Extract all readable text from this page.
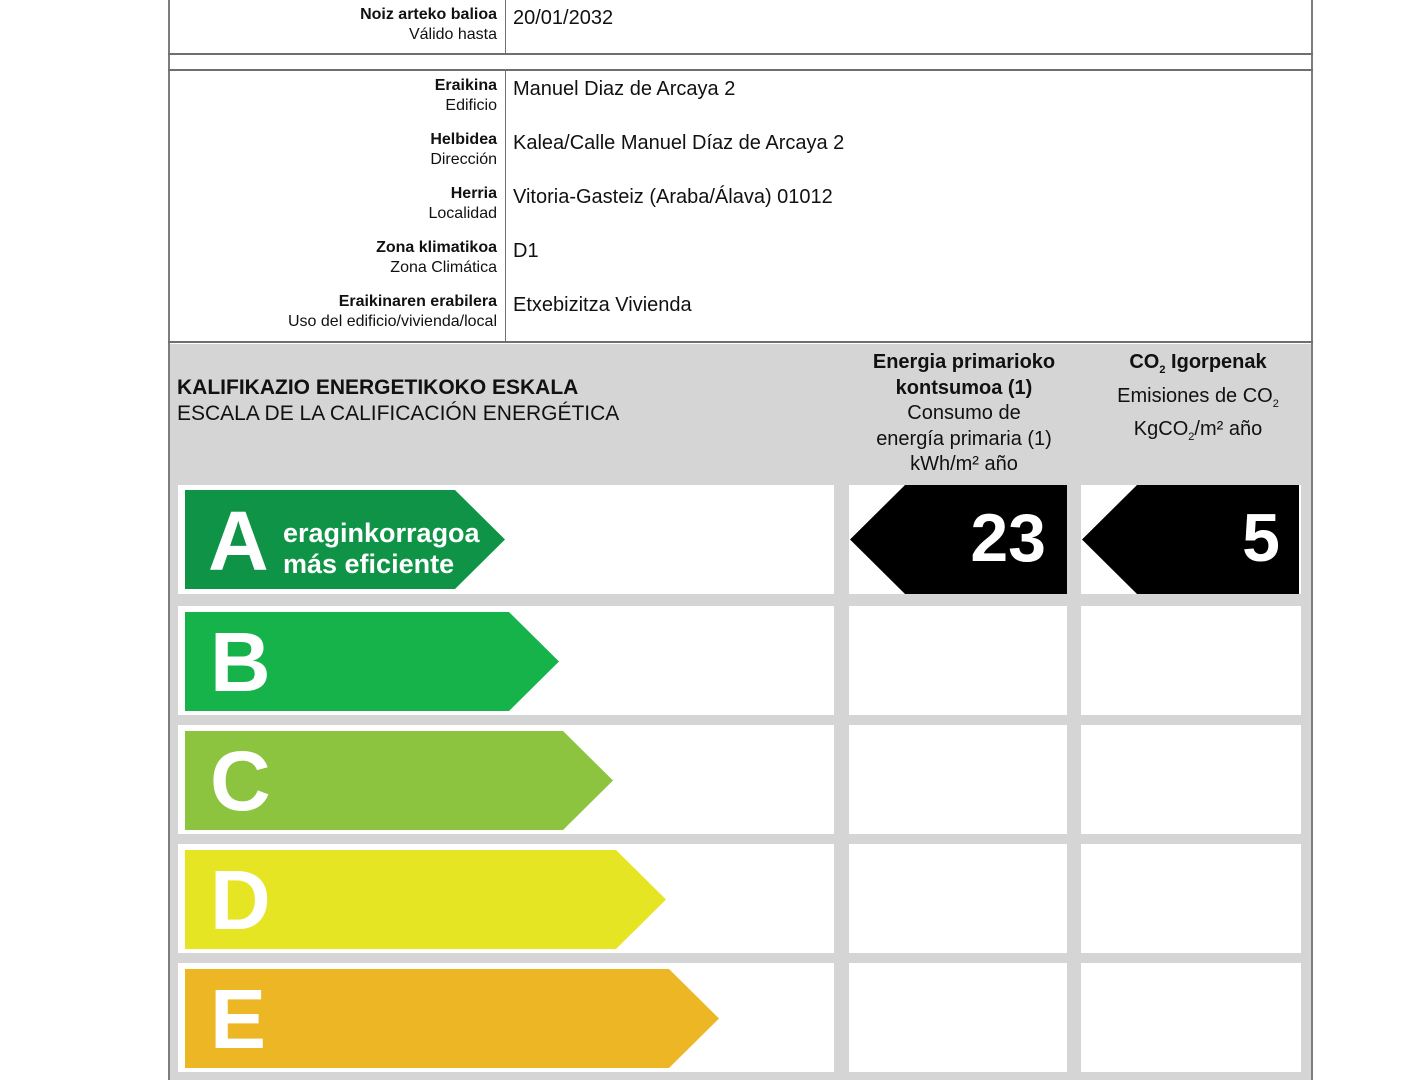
Noiz arteko balioa
Válido hasta
20/01/2032
Eraikina
Edificio
Manuel Diaz de Arcaya 2
Helbidea
Dirección
Kalea/Calle Manuel Díaz de Arcaya 2
Herria
Localidad
Vitoria-Gasteiz (Araba/Álava) 01012
Zona klimatikoa
Zona Climática
D1
Eraikinaren erabilera
Uso del edificio/vivienda/local
Etxebizitza Vivienda
KALIFIKAZIO ENERGETIKOKO ESKALA
ESCALA DE LA CALIFICACIÓN ENERGÉTICA
Energia primarioko
kontsumoa (1)
Consumo de
energía primaria (1)
kWh/m² año
$CO_2$ Igorpenak
Emisiones de $CO_2$
KgCO$_2$/m² año
A eraginkorragoa
más eficiente
B
C
D
E
23	5
